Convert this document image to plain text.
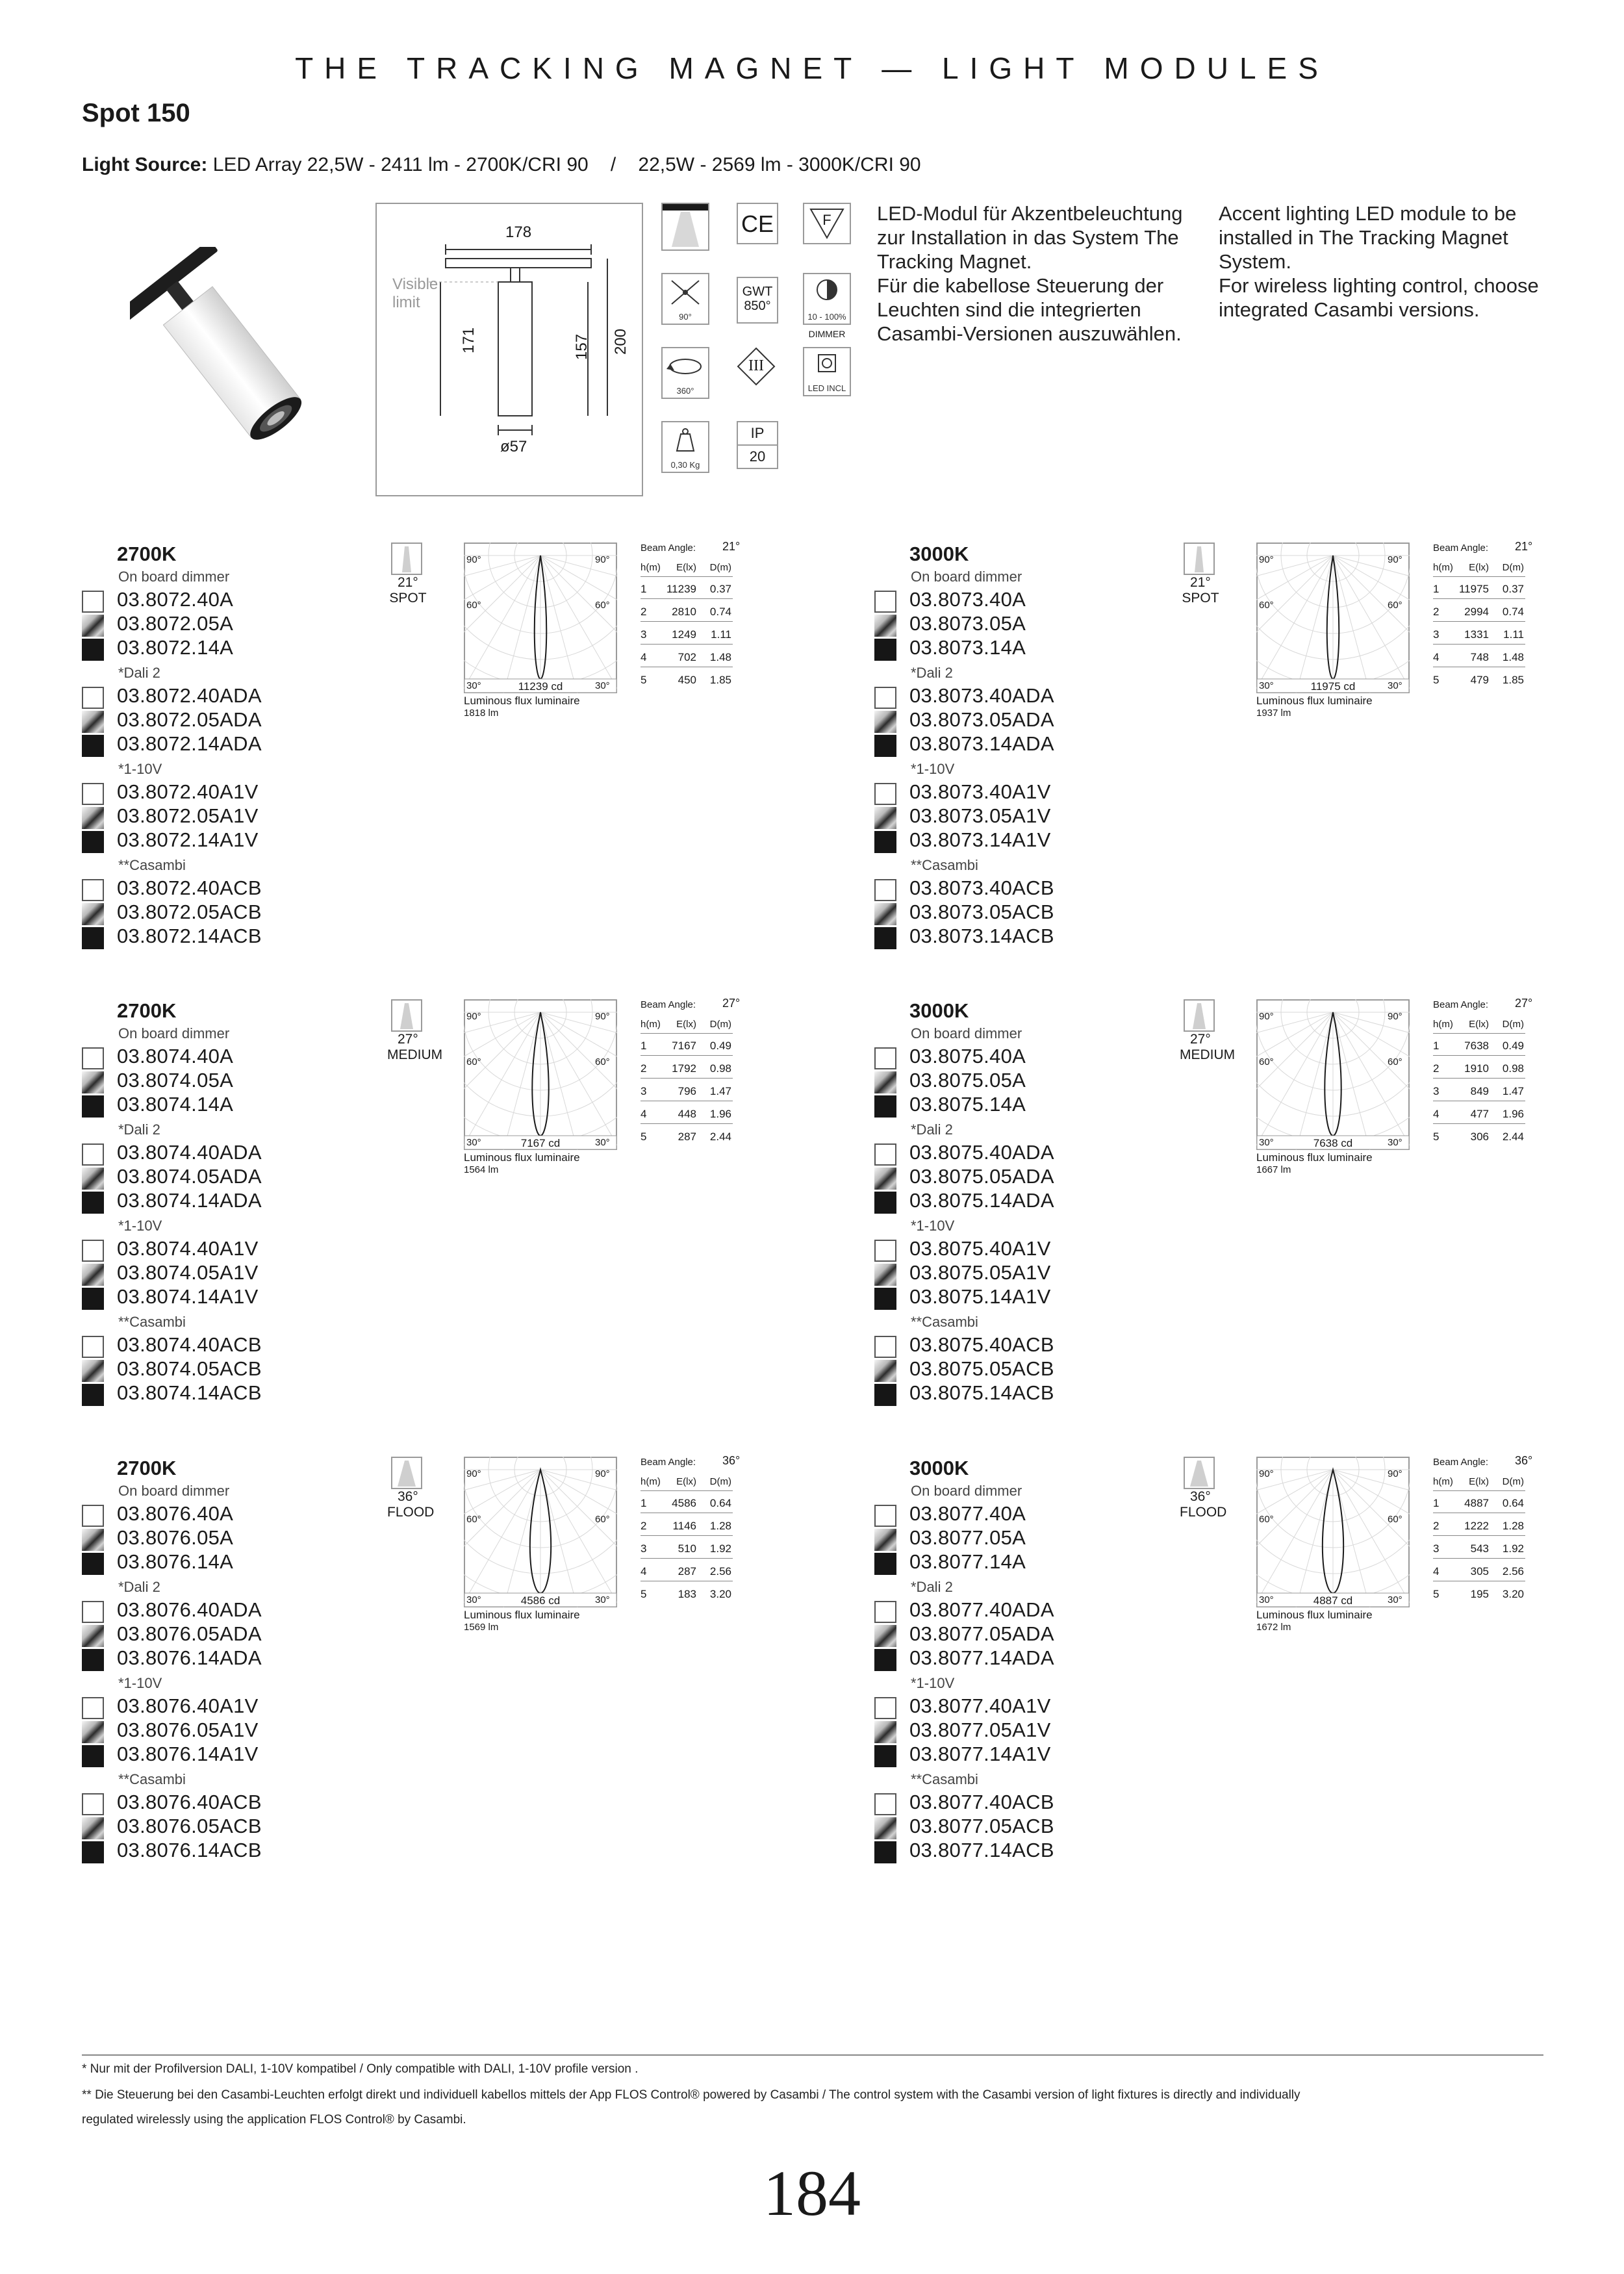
THE TRACKING MAGNET — LIGHT MODULES
Spot 150
Light Source: LED Array 22,5W - 2411 lm - 2700K/CRI 90 / 22,5W - 2569 lm - 3000K/CRI 90
178
Visible
limit
171	157 200
ø57
CE	F
90°
GWT
850°
10 - 100%
DIMMER
360°
III
LED INCL
0,30 Kg
IP
20
LED-Modul für Akzentbeleuchtung
zur Installation in das System The
Tracking Magnet.
Für die kabellose Steuerung der
Leuchten sind die integrierten
Casambi-Versionen auszuwählen.
Accent lighting LED module to be
installed in The Tracking Magnet
System.
For wireless lighting control, choose
integrated Casambi versions.
2700K
On board dimmer
03.8072.40A
03.8072.05A
03.8072.14A
*Dali 2
03.8072.40ADA
03.8072.05ADA
03.8072.14ADA
*1-10V
03.8072.40A1V
03.8072.05A1V
03.8072.14A1V
**Casambi
03.8072.40ACB
03.8072.05ACB
03.8072.14ACB
21°
SPOT
90°	90°
60°	60°
30°	30°
11239 cd
Luminous flux luminaire
1818 lm
Beam Angle: 21°
h(m)	E(lx)	D(m)
1	11239	0.37
2	2810	0.74
3	1249	1.11
4	702	1.48
5	450	1.85
3000K
On board dimmer
03.8073.40A
03.8073.05A
03.8073.14A
*Dali 2
03.8073.40ADA
03.8073.05ADA
03.8073.14ADA
*1-10V
03.8073.40A1V
03.8073.05A1V
03.8073.14A1V
**Casambi
03.8073.40ACB
03.8073.05ACB
03.8073.14ACB
21°
SPOT
90°	90°
60°	60°
30°	30°
11975 cd
Luminous flux luminaire
1937 lm
Beam Angle: 21°
h(m)	E(lx)	D(m)
1	11975	0.37
2	2994	0.74
3	1331	1.11
4	748	1.48
5	479	1.85
2700K
On board dimmer
03.8074.40A
03.8074.05A
03.8074.14A
*Dali 2
03.8074.40ADA
03.8074.05ADA
03.8074.14ADA
*1-10V
03.8074.40A1V
03.8074.05A1V
03.8074.14A1V
**Casambi
03.8074.40ACB
03.8074.05ACB
03.8074.14ACB
27°
MEDIUM
90°	90°
60°	60°
30°	30°
7167 cd
Luminous flux luminaire
1564 lm
Beam Angle: 27°
h(m)	E(lx)	D(m)
1	7167	0.49
2	1792	0.98
3	796	1.47
4	448	1.96
5	287	2.44
3000K
On board dimmer
03.8075.40A
03.8075.05A
03.8075.14A
*Dali 2
03.8075.40ADA
03.8075.05ADA
03.8075.14ADA
*1-10V
03.8075.40A1V
03.8075.05A1V
03.8075.14A1V
**Casambi
03.8075.40ACB
03.8075.05ACB
03.8075.14ACB
27°
MEDIUM
90°	90°
60°	60°
30°	30°
7638 cd
Luminous flux luminaire
1667 lm
Beam Angle: 27°
h(m)	E(lx)	D(m)
1	7638	0.49
2	1910	0.98
3	849	1.47
4	477	1.96
5	306	2.44
2700K
On board dimmer
03.8076.40A
03.8076.05A
03.8076.14A
*Dali 2
03.8076.40ADA
03.8076.05ADA
03.8076.14ADA
*1-10V
03.8076.40A1V
03.8076.05A1V
03.8076.14A1V
**Casambi
03.8076.40ACB
03.8076.05ACB
03.8076.14ACB
36°
FLOOD
90°	90°
60°	60°
30°	30°
4586 cd
Luminous flux luminaire
1569 lm
Beam Angle: 36°
h(m)	E(lx)	D(m)
1	4586	0.64
2	1146	1.28
3	510	1.92
4	287	2.56
5	183	3.20
3000K
On board dimmer
03.8077.40A
03.8077.05A
03.8077.14A
*Dali 2
03.8077.40ADA
03.8077.05ADA
03.8077.14ADA
*1-10V
03.8077.40A1V
03.8077.05A1V
03.8077.14A1V
**Casambi
03.8077.40ACB
03.8077.05ACB
03.8077.14ACB
36°
FLOOD
90°	90°
60°	60°
30°	30°
4887 cd
Luminous flux luminaire
1672 lm
Beam Angle: 36°
h(m)	E(lx)	D(m)
1	4887	0.64
2	1222	1.28
3	543	1.92
4	305	2.56
5	195	3.20
* Nur mit der Profilversion DALI, 1-10V kompatibel / Only compatible with DALI, 1-10V profile version .
** Die Steuerung bei den Casambi-Leuchten erfolgt direkt und individuell kabellos mittels der App FLOS Control® powered by Casambi / The control system with the Casambi version of light fixtures is directly and individually
regulated wirelessly using the application FLOS Control® by Casambi.
184
